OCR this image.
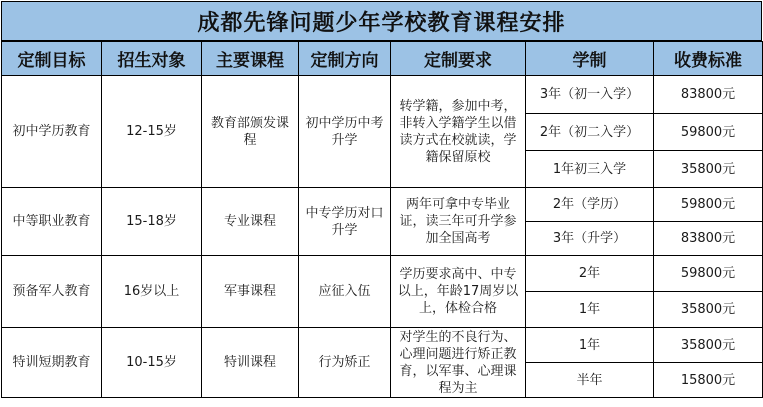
成都先锋问题少年学校教育课程安排
定制目标	招生对象	主要课程	定制方向	定制要求	学制	收费标准
初中学历教育	12-15岁	教育部颁发课程	初中学历中考升学	转学籍，参加中考，非转入学籍学生以借读方式在校就读，学籍保留原校	3年（初一入学）	83800元
					2年（初二入学）	59800元
					1年初三入学	35800元
中等职业教育	15-18岁	专业课程	中专学历对口升学	两年可拿中专毕业证，读三年可升学参加全国高考	2年（学历）	59800元
					3年（升学）	83800元
预备军人教育	16岁以上	军事课程	应征入伍	学历要求高中、中专以上，年龄17周岁以上，体检合格	2年	59800元
					1年	35800元
特训短期教育	10-15岁	特训课程	行为矫正	对学生的不良行为、心理问题进行矫正教育，以军事、心理课程为主	1年	35800元
					半年	15800元
